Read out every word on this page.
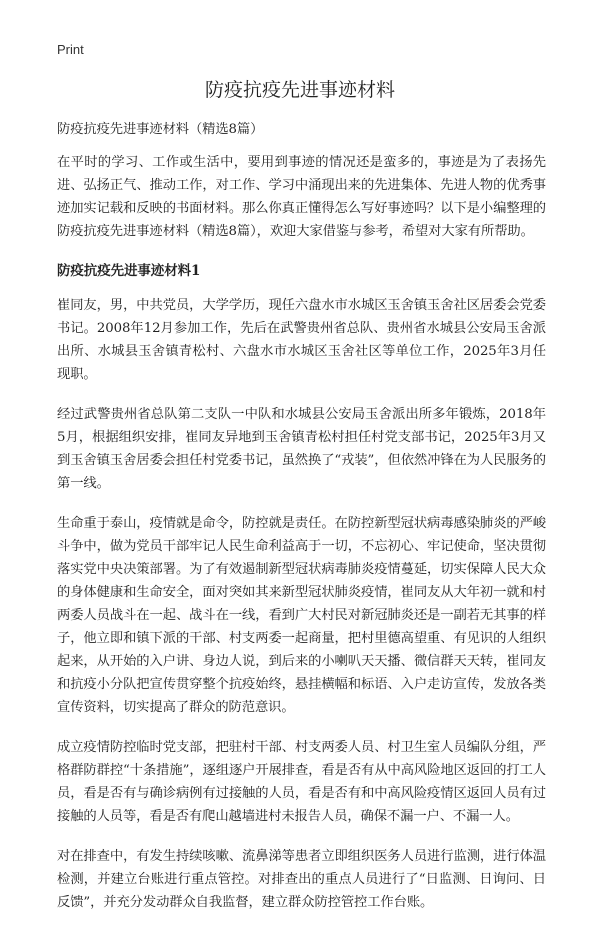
Print
防疫抗疫先进事迹材料

防疫抗疫先进事迹材料（精选8篇）

在平时的学习、工作或生活中，要用到事迹的情况还是蛮多的，事迹是为了表扬先进、弘扬正气、推动工作，对工作、学习中涌现出来的先进集体、先进人物的优秀事迹加实记载和反映的书面材料。那么你真正懂得怎么写好事迹吗？以下是小编整理的防疫抗疫先进事迹材料（精选8篇），欢迎大家借鉴与参考，希望对大家有所帮助。

防疫抗疫先进事迹材料1

崔同友，男，中共党员，大学学历，现任六盘水市水城区玉舍镇玉舍社区居委会党委书记。2008年12月参加工作，先后在武警贵州省总队、贵州省水城县公安局玉舍派出所、水城县玉舍镇青松村、六盘水市水城区玉舍社区等单位工作，2025年3月任现职。

经过武警贵州省总队第二支队一中队和水城县公安局玉舍派出所多年锻炼，2018年5月，根据组织安排，崔同友异地到玉舍镇青松村担任村党支部书记，2025年3月又到玉舍镇玉舍居委会担任村党委书记，虽然换了“戎装”，但依然冲锋在为人民服务的第一线。

生命重于泰山，疫情就是命令，防控就是责任。在防控新型冠状病毒感染肺炎的严峻斗争中，做为党员干部牢记人民生命利益高于一切，不忘初心、牢记使命，坚决贯彻落实党中央决策部署。为了有效遏制新型冠状病毒肺炎疫情蔓延，切实保障人民大众的身体健康和生命安全，面对突如其来新型冠状肺炎疫情，崔同友从大年初一就和村两委人员战斗在一起、战斗在一线，看到广大村民对新冠肺炎还是一副若无其事的样子，他立即和镇下派的干部、村支两委一起商量，把村里德高望重、有见识的人组织起来，从开始的入户讲、身边人说，到后来的小喇叭天天播、微信群天天转，崔同友和抗疫小分队把宣传贯穿整个抗疫始终，悬挂横幅和标语、入户走访宣传，发放各类宣传资料，切实提高了群众的防范意识。

成立疫情防控临时党支部，把驻村干部、村支两委人员、村卫生室人员编队分组，严格群防群控“十条措施”，逐组逐户开展排查，看是否有从中高风险地区返回的打工人员，看是否有与确诊病例有过接触的人员，看是否有和中高风险疫情区返回人员有过接触的人员等，看是否有爬山越墙进村未报告人员，确保不漏一户、不漏一人。

对在排查中，有发生持续咳嗽、流鼻涕等患者立即组织医务人员进行监测，进行体温检测，并建立台账进行重点管控。对排查出的重点人员进行了“日监测、日询问、日反馈”，并充分发动群众自我监督，建立群众防控管控工作台账。
